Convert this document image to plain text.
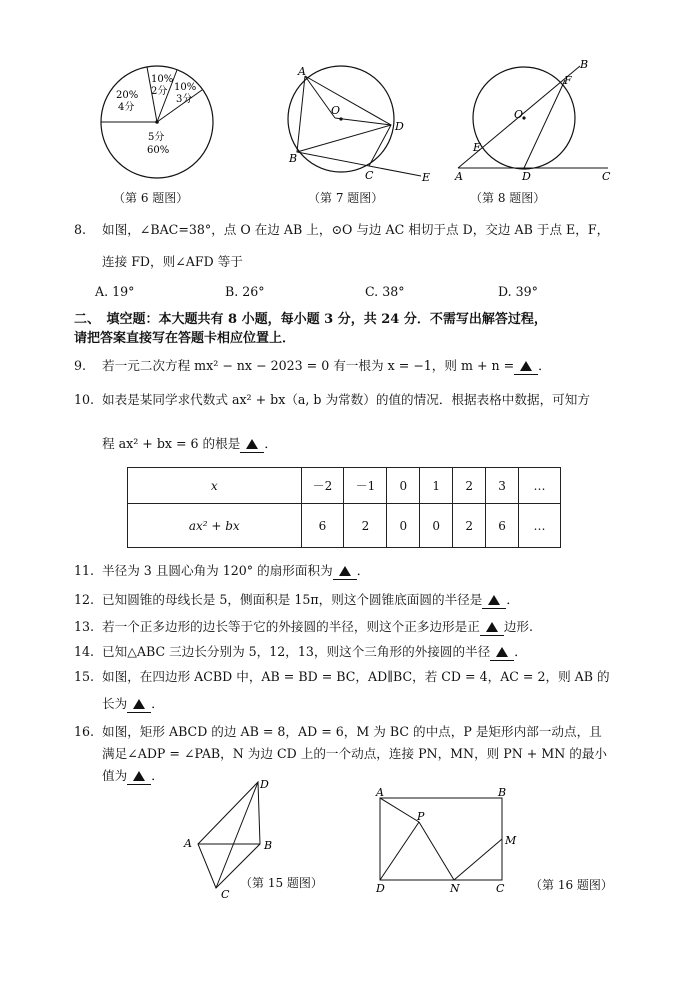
10%
2分 10%
3分
20%
4分
5分
60%
（第 6 题图）
A
O
D
B
C	E
（第 7 题图）
B
F
O
E
A	D	C
（第 8 题图）
8. 如图，∠BAC=38°，点 O 在边 AB 上，⊙O 与边 AC 相切于点 D，交边 AB 于点 E，F，
连接 FD，则∠AFD 等于
A. 19°	B. 26°	C. 38°	D. 39°
二、　填空题：本大题共有 8 小题，每小题 3 分，共 24 分．不需写出解答过程，
请把答案直接写在答题卡相应位置上．
9. 若一元二次方程 mx² − nx − 2023 = 0 有一根为 x = −1，则 m + n = ．
10. 如表是某同学求代数式 ax² + bx（a, b 为常数）的值的情况．根据表格中数据，可知方
程 ax² + bx = 6 的根是 ．
x	－2	－1	0	1	2	3	…
ax² + bx	6	2	0	0	2	6	…
11. 半径为 3 且圆心角为 120° 的扇形面积为 ．
12. 已知圆锥的母线长是 5，侧面积是 15π，则这个圆锥底面圆的半径是 ．
13. 若一个正多边形的边长等于它的外接圆的半径，则这个正多边形是正 边形.
14. 已知△ABC 三边长分别为 5，12，13，则这个三角形的外接圆的半径 ．
15. 如图，在四边形 ACBD 中，AB = BD = BC，AD∥BC，若 CD = 4，AC = 2，则 AB 的
长为 ．
16. 如图，矩形 ABCD 的边 AB = 8，AD = 6，M 为 BC 的中点，P 是矩形内部一动点，且
满足∠ADP = ∠PAB，N 为边 CD 上的一个动点，连接 PN，MN，则 PN + MN 的最小
值为 ．
D
A	B
C
（第 15 题图）
A	B
P
M
D	N	C （第 16 题图）
